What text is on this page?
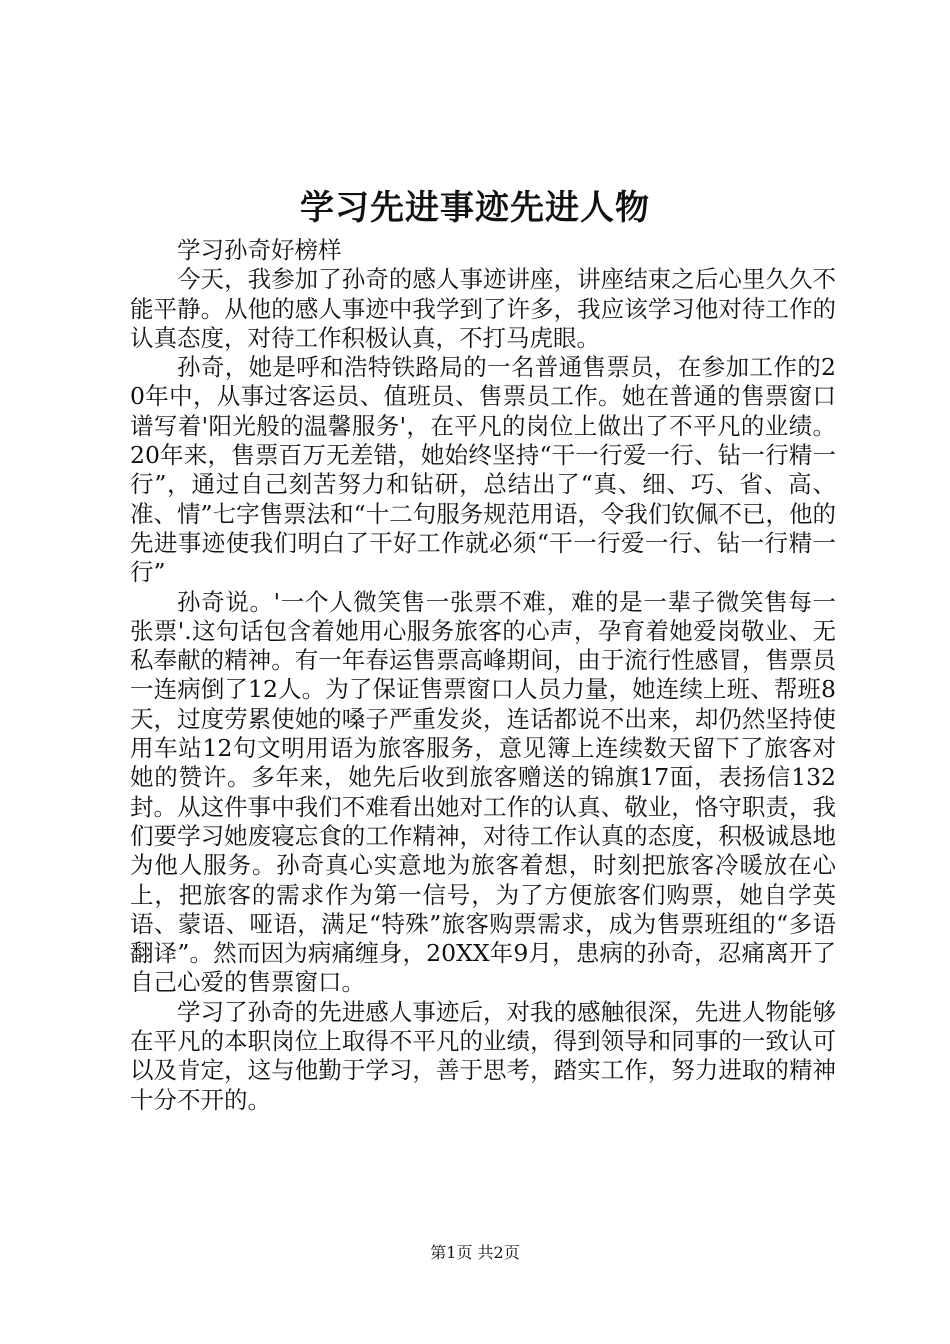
学习先进事迹先进人物

学习孙奇好榜样

今天，我参加了孙奇的感人事迹讲座，讲座结束之后心里久久不能平静。从他的感人事迹中我学到了许多，我应该学习他对待工作的认真态度，对待工作积极认真，不打马虎眼。

孙奇，她是呼和浩特铁路局的一名普通售票员，在参加工作的20年中，从事过客运员、值班员、售票员工作。她在普通的售票窗口谱写着'阳光般的温馨服务'，在平凡的岗位上做出了不平凡的业绩。20年来，售票百万无差错，她始终坚持“干一行爱一行、钻一行精一行”，通过自己刻苦努力和钻研，总结出了“真、细、巧、省、高、准、情”七字售票法和“十二句服务规范用语，令我们钦佩不已，他的先进事迹使我们明白了干好工作就必须“干一行爱一行、钻一行精一行”

孙奇说。'一个人微笑售一张票不难，难的是一辈子微笑售每一张票'.这句话包含着她用心服务旅客的心声，孕育着她爱岗敬业、无私奉献的精神。有一年春运售票高峰期间，由于流行性感冒，售票员一连病倒了12人。为了保证售票窗口人员力量，她连续上班、帮班8天，过度劳累使她的嗓子严重发炎，连话都说不出来，却仍然坚持使用车站12句文明用语为旅客服务，意见簿上连续数天留下了旅客对她的赞许。多年来，她先后收到旅客赠送的锦旗17面，表扬信132封。从这件事中我们不难看出她对工作的认真、敬业，恪守职责，我们要学习她废寝忘食的工作精神，对待工作认真的态度，积极诚恳地为他人服务。孙奇真心实意地为旅客着想，时刻把旅客冷暖放在心上，把旅客的需求作为第一信号，为了方便旅客们购票，她自学英语、蒙语、哑语，满足“特殊”旅客购票需求，成为售票班组的“多语翻译”。然而因为病痛缠身，20XX年9月，患病的孙奇，忍痛离开了自己心爱的售票窗口。

学习了孙奇的先进感人事迹后，对我的感触很深，先进人物能够在平凡的本职岗位上取得不平凡的业绩，得到领导和同事的一致认可以及肯定，这与他勤于学习，善于思考，踏实工作，努力进取的精神十分不开的。

第1页 共2页
